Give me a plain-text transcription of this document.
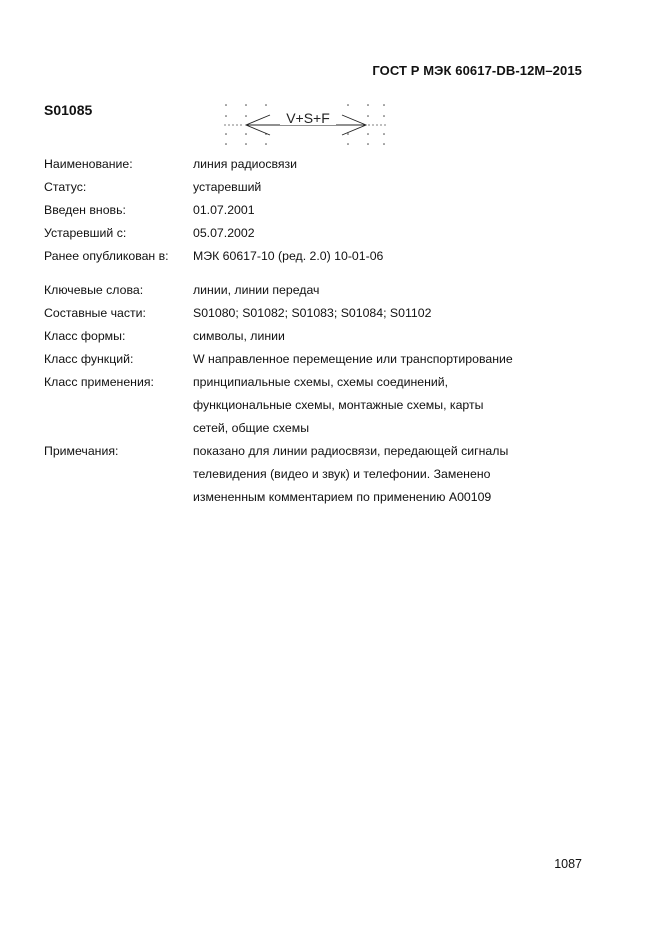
ГОСТ Р МЭК 60617-DB-12M–2015
S01085	V+S+F
Наименование:	линия радиосвязи
Статус:	устаревший
Введен вновь:	01.07.2001
Устаревший с:	05.07.2002
Ранее опубликован в:	МЭК 60617-10 (ред. 2.0) 10-01-06
Ключевые слова:	линии, линии передач
Составные части:	S01080; S01082; S01083; S01084; S01102
Класс формы:	символы, линии
Класс функций:	W направленное перемещение или транспортирование
Класс применения:	принципиальные схемы, схемы соединений,
функциональные схемы, монтажные схемы, карты
сетей, общие схемы
Примечания:	показано для линии радиосвязи, передающей сигналы
телевидения (видео и звук) и телефонии. Заменено
измененным комментарием по применению A00109
1087
